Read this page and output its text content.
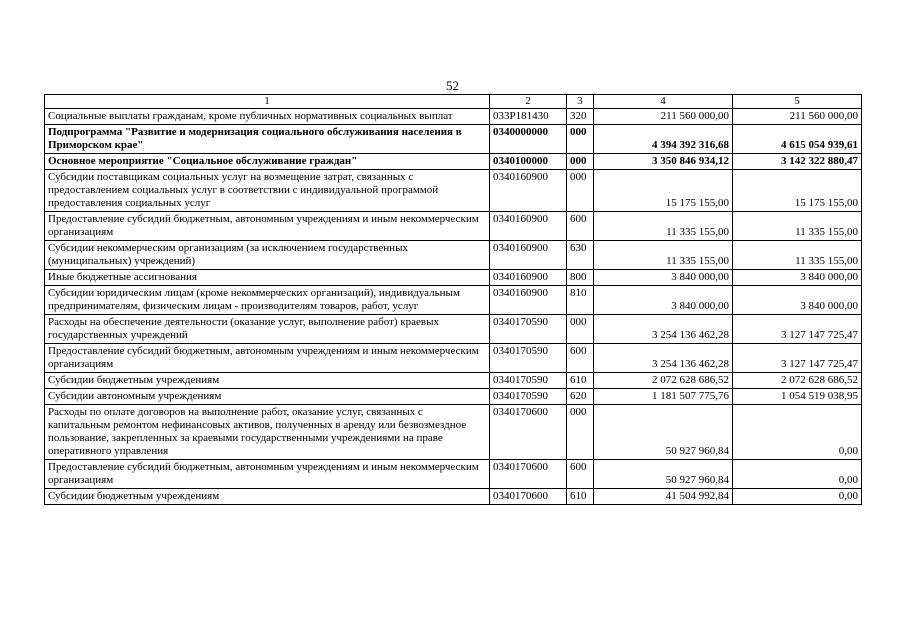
52
1	2	3	4	5
Социальные выплаты гражданам, кроме публичных нормативных социальных выплат	033P181430	320	211 560 000,00	211 560 000,00
Подпрограмма "Развитие и модернизация социального обслуживания населения в Приморском крае"	0340000000	000	4 394 392 316,68	4 615 054 939,61
Основное мероприятие "Социальное обслуживание граждан"	0340100000	000	3 350 846 934,12	3 142 322 880,47
Субсидии поставщикам социальных услуг на возмещение затрат, связанных с предоставлением социальных услуг в соответствии с индивидуальной программой предоставления социальных услуг	0340160900	000	15 175 155,00	15 175 155,00
Предоставление субсидий бюджетным, автономным учреждениям и иным некоммерческим организациям	0340160900	600	11 335 155,00	11 335 155,00
Субсидии некоммерческим организациям (за исключением государственных (муниципальных) учреждений)	0340160900	630	11 335 155,00	11 335 155,00
Иные бюджетные ассигнования	0340160900	800	3 840 000,00	3 840 000,00
Субсидии юридическим лицам (кроме некоммерческих организаций), индивидуальным предпринимателям, физическим лицам - производителям товаров, работ, услуг	0340160900	810	3 840 000,00	3 840 000,00
Расходы на обеспечение деятельности (оказание услуг, выполнение работ) краевых государственных учреждений	0340170590	000	3 254 136 462,28	3 127 147 725,47
Предоставление субсидий бюджетным, автономным учреждениям и иным некоммерческим организациям	0340170590	600	3 254 136 462,28	3 127 147 725,47
Субсидии бюджетным учреждениям	0340170590	610	2 072 628 686,52	2 072 628 686,52
Субсидии автономным учреждениям	0340170590	620	1 181 507 775,76	1 054 519 038,95
Расходы по оплате договоров на выполнение работ, оказание услуг, связанных с капитальным ремонтом нефинансовых активов, полученных в аренду или безвозмездное пользование, закрепленных за краевыми государственными учреждениями на праве оперативного управления	0340170600	000	50 927 960,84	0,00
Предоставление субсидий бюджетным, автономным учреждениям и иным некоммерческим организациям	0340170600	600	50 927 960,84	0,00
Субсидии бюджетным учреждениям	0340170600	610	41 504 992,84	0,00
